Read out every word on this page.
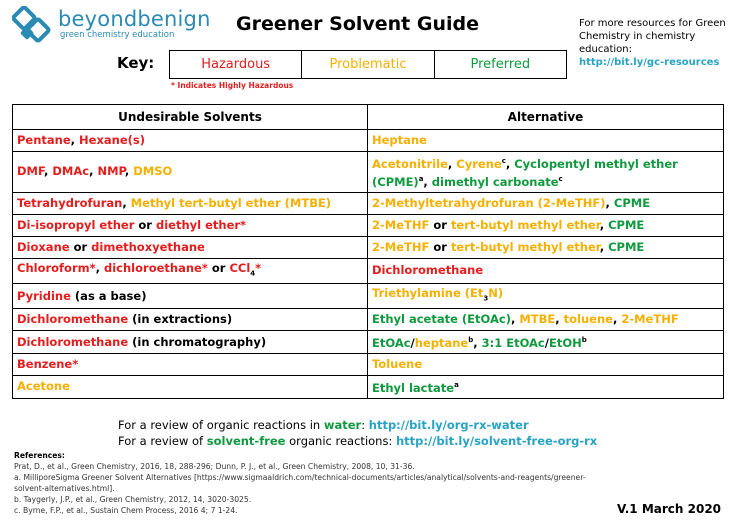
beyondbenign
green chemistry education	Greener Solvent Guide	For more resources for Green Chemistry in chemistry education:
http://bit.ly/gc-resources
Key:	Hazardous	Problematic	Preferred
* Indicates Highly Hazardous
Undesirable Solvents	Alternative
Pentane, Hexane(s)	Heptane
DMF, DMAc, NMP, DMSO	Acetonitrile, Cyrene$^c$, Cyclopentyl methyl ether (CPME)$^a$, dimethyl carbonate$^c$
Tetrahydrofuran, Methyl tert-butyl ether (MTBE)	2-Methyltetrahydrofuran (2-MeTHF), CPME
Di-isopropyl ether or diethyl ether*	2-MeTHF or tert-butyl methyl ether, CPME
Dioxane or dimethoxyethane	2-MeTHF or tert-butyl methyl ether, CPME
Chloroform*, dichloroethane* or CCl$_4$*	Dichloromethane
Pyridine (as a base)	Triethylamine $(Et_3N)$
Dichloromethane (in extractions)	Ethyl acetate (EtOAc), MTBE, toluene, 2-MeTHF
Dichloromethane (in chromatography)	EtOAc/heptane$^b$, 3:1 EtOAc/EtOH$^b$
Benzene*	Toluene
Acetone	Ethyl lactate$^a$
For a review of organic reactions in water: http://bit.ly/org-rx-water
For a review of solvent-free organic reactions: http://bit.ly/solvent-free-org-rx
References:
Prat, D., et al., Green Chemistry, 2016, 18, 288-296; Dunn, P. J., et al., Green Chemistry, 2008, 10, 31-36.
a. MilliporeSigma Greener Solvent Alternatives [https://www.sigmaaldrich.com/technical-documents/articles/analytical/solvents-and-reagents/greener-solvent-alternatives.html].
b. Taygerly, J.P., et al., Green Chemistry, 2012, 14, 3020-3025.
c. Byrne, F.P., et al., Sustain Chem Process, 2016 4; 7 1-24.	V.1 March 2020
